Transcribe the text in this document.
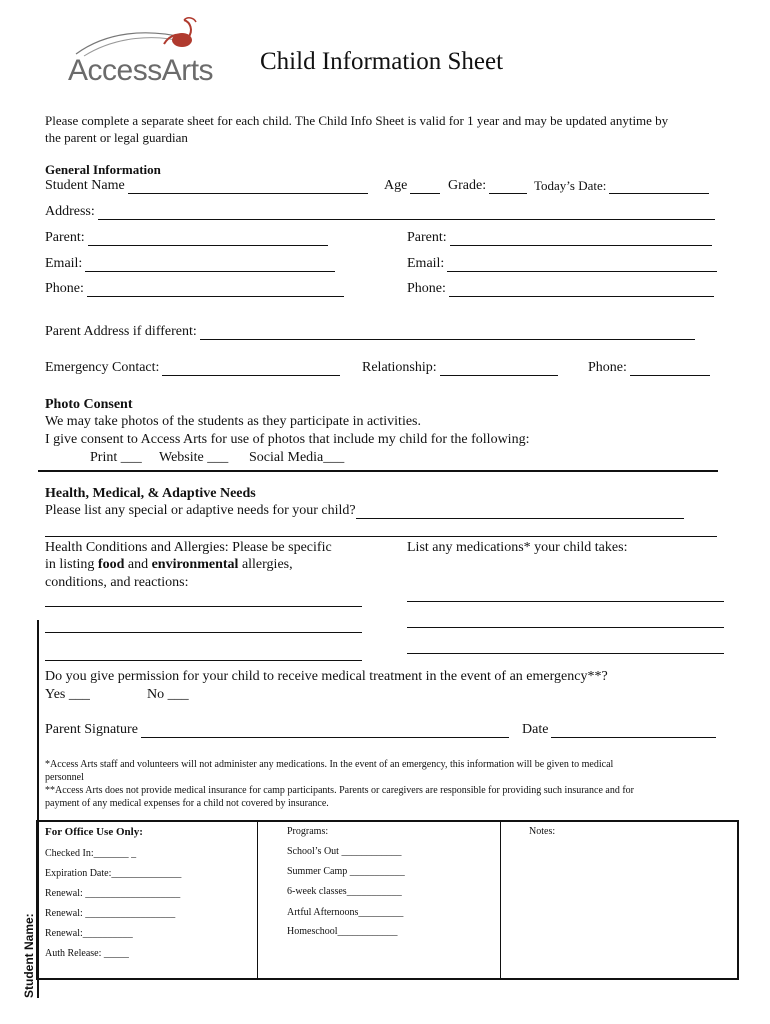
AccessArts Child Information Sheet
Please complete a separate sheet for each child. The Child Info Sheet is valid for 1 year and may be updated anytime by
the parent or legal guardian
General Information
Student Name	Age	Grade:	Today’s Date:
Address:
Parent:	Parent:
Email:	Email:
Phone:	Phone:
Parent Address if different:
Emergency Contact:	Relationship:	Phone:
Photo Consent
We may take photos of the students as they participate in activities.
I give consent to Access Arts for use of photos that include my child for the following:
Print ___ Website ___ Social Media___
Health, Medical, & Adaptive Needs
Please list any special or adaptive needs for your child?
Health Conditions and Allergies: Please be specific
in listing food and environmental allergies,
conditions, and reactions:
List any medications* your child takes:
Do you give permission for your child to receive medical treatment in the event of an emergency**?
Yes ___	No ___
Parent Signature	Date
*Access Arts staff and volunteers will not administer any medications. In the event of an emergency, this information will be given to medical
personnel
**Access Arts does not provide medical insurance for camp participants. Parents or caregivers are responsible for providing such insurance and for
payment of any medical expenses for a child not covered by insurance.
For Office Use Only:
Checked In:_______ _
Expiration Date:______________
Renewal: ___________________
Renewal: __________________
Renewal:__________
Auth Release: _____
Programs:
School’s Out ____________
Summer Camp ___________
6-week classes___________
Artful Afternoons_________
Homeschool____________
Notes:
Student Name:
